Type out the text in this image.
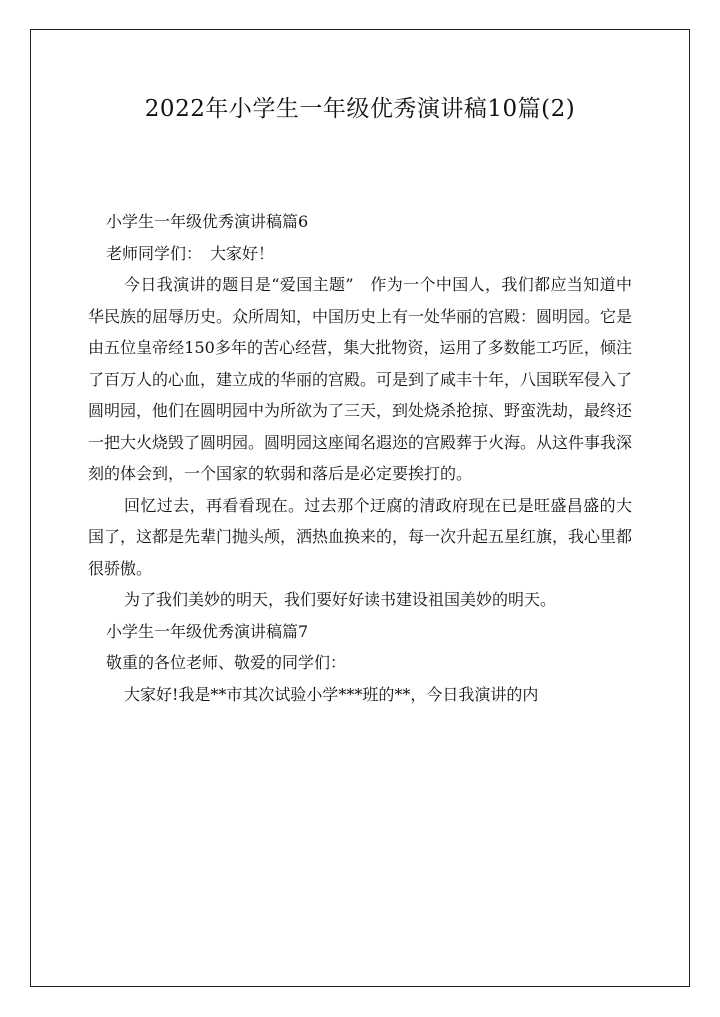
2022年小学生一年级优秀演讲稿10篇(2)

小学生一年级优秀演讲稿篇6

老师同学们：　大家好！

今日我演讲的题目是“爱国主题”　作为一个中国人，我们都应当知道中华民族的屈辱历史。众所周知，中国历史上有一处华丽的宫殿：圆明园。它是由五位皇帝经150多年的苦心经营，集大批物资，运用了多数能工巧匠，倾注了百万人的心血，建立成的华丽的宫殿。可是到了咸丰十年，八国联军侵入了圆明园，他们在圆明园中为所欲为了三天，到处烧杀抢掠、野蛮洗劫，最终还一把大火烧毁了圆明园。圆明园这座闻名遐迩的宫殿葬于火海。从这件事我深刻的体会到，一个国家的软弱和落后是必定要挨打的。

回忆过去，再看看现在。过去那个迂腐的清政府现在已是旺盛昌盛的大国了，这都是先辈门抛头颅，洒热血换来的，每一次升起五星红旗，我心里都很骄傲。

为了我们美妙的明天，我们要好好读书建设祖国美妙的明天。

小学生一年级优秀演讲稿篇7

敬重的各位老师、敬爱的同学们：

大家好!我是**市其次试验小学***班的**，今日我演讲的内
